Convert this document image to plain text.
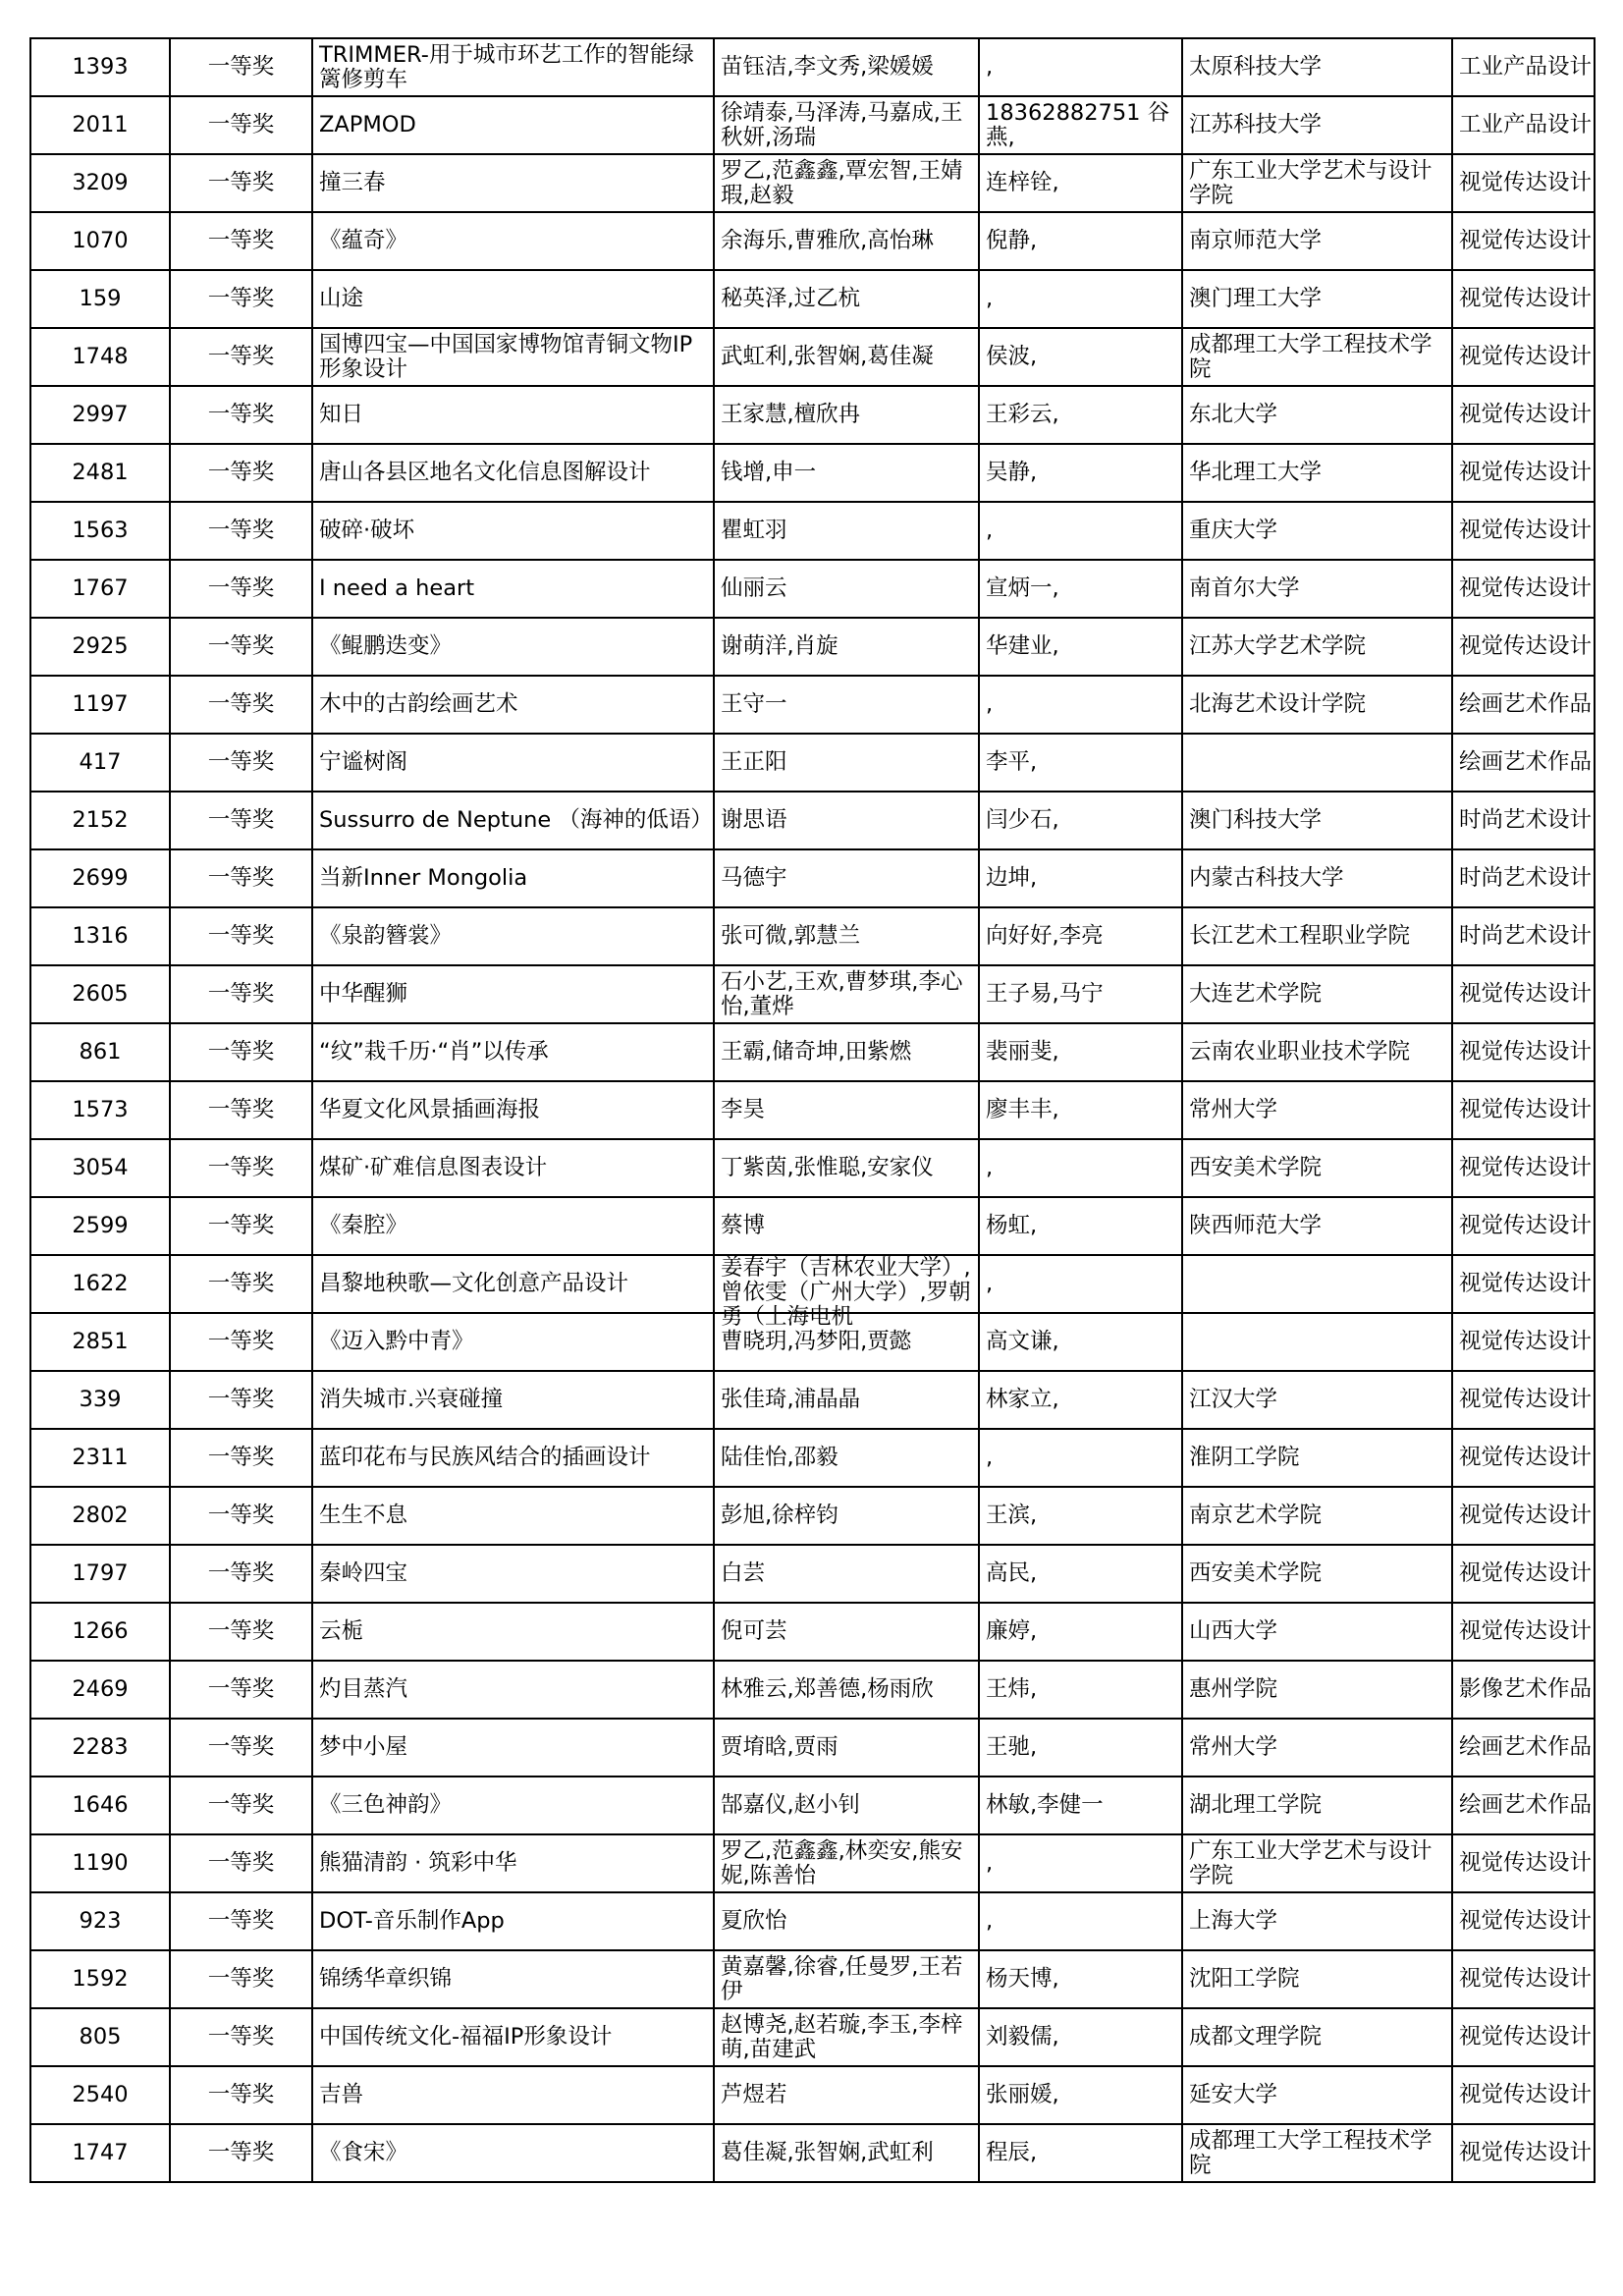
1393	一等奖	TRIMMER-用于城市环艺工作的智能绿篱修剪车	苗钰洁,李文秀,梁媛媛	,	太原科技大学	工业产品设计

2011	一等奖	ZAPMOD	徐靖泰,马泽涛,马嘉成,王秋妍,汤瑞	18362882751 谷燕,	江苏科技大学	工业产品设计

3209	一等奖	撞三春	罗乙,范鑫鑫,覃宏智,王婧瑕,赵毅	连梓铨,	广东工业大学艺术与设计学院	视觉传达设计

1070	一等奖	《蕴奇》	余海乐,曹雅欣,高怡琳	倪静,	南京师范大学	视觉传达设计

159	一等奖	山途	秘英泽,过乙杭	,	澳门理工大学	视觉传达设计

1748	一等奖	国博四宝—中国国家博物馆青铜文物IP形象设计	武虹利,张智娴,葛佳凝	侯波,	成都理工大学工程技术学院	视觉传达设计

2997	一等奖	知日	王家慧,檀欣冉	王彩云,	东北大学	视觉传达设计

2481	一等奖	唐山各县区地名文化信息图解设计	钱增,申一	吴静,	华北理工大学	视觉传达设计

1563	一等奖	破碎·破坏	瞿虹羽	,	重庆大学	视觉传达设计

1767	一等奖	I need a heart	仙丽云	宣炳一,	南首尔大学	视觉传达设计

2925	一等奖	《鲲鹏迭变》	谢萌洋,肖旋	华建业,	江苏大学艺术学院	视觉传达设计

1197	一等奖	木中的古韵绘画艺术	王守一	,	北海艺术设计学院	绘画艺术作品

417	一等奖	宁谧树阁	王正阳	李平,		绘画艺术作品

2152	一等奖	Sussurro de Neptune （海神的低语）	谢思语	闫少石,	澳门科技大学	时尚艺术设计

2699	一等奖	当新Inner Mongolia	马德宇	边坤,	内蒙古科技大学	时尚艺术设计

1316	一等奖	《泉韵簪裳》	张可微,郭慧兰	向好好,李亮	长江艺术工程职业学院	时尚艺术设计

2605	一等奖	中华醒狮	石小艺,王欢,曹梦琪,李心怡,董烨	王子易,马宁	大连艺术学院	视觉传达设计

861	一等奖	“纹”栽千历·“肖”以传承	王霸,储奇坤,田紫燃	裴丽斐,	云南农业职业技术学院	视觉传达设计

1573	一等奖	华夏文化风景插画海报	李昊	廖丰丰,	常州大学	视觉传达设计

3054	一等奖	煤矿·矿难信息图表设计	丁紫茵,张惟聪,安家仪	,	西安美术学院	视觉传达设计

2599	一等奖	《秦腔》	蔡博	杨虹,	陕西师范大学	视觉传达设计

1622	一等奖	昌黎地秧歌—文化创意产品设计	姜春宇（吉林农业大学）,曾依雯（广州大学）,罗朝勇（上海电机	,		视觉传达设计

2851	一等奖	《迈入黔中青》	曹晓玥,冯梦阳,贾懿	高文谦,		视觉传达设计

339	一等奖	消失城市.兴衰碰撞	张佳琦,浦晶晶	林家立,	江汉大学	视觉传达设计

2311	一等奖	蓝印花布与民族风结合的插画设计	陆佳怡,邵毅	,	淮阴工学院	视觉传达设计

2802	一等奖	生生不息	彭旭,徐梓钧	王滨,	南京艺术学院	视觉传达设计

1797	一等奖	秦岭四宝	白芸	高民,	西安美术学院	视觉传达设计

1266	一等奖	云栀	倪可芸	廉婷,	山西大学	视觉传达设计

2469	一等奖	灼目蒸汽	林雅云,郑善德,杨雨欣	王炜,	惠州学院	影像艺术作品

2283	一等奖	梦中小屋	贾堉晗,贾雨	王驰,	常州大学	绘画艺术作品

1646	一等奖	《三色神韵》	郜嘉仪,赵小钊	林敏,李健一	湖北理工学院	绘画艺术作品

1190	一等奖	熊猫清韵 · 筑彩中华	罗乙,范鑫鑫,林奕安,熊安妮,陈善怡	,	广东工业大学艺术与设计学院	视觉传达设计

923	一等奖	DOT-音乐制作App	夏欣怡	,	上海大学	视觉传达设计

1592	一等奖	锦绣华章织锦	黄嘉馨,徐睿,任曼罗,王若伊	杨天博,	沈阳工学院	视觉传达设计

805	一等奖	中国传统文化-福福IP形象设计	赵博尧,赵若璇,李玉,李梓萌,苗建武	刘毅儒,	成都文理学院	视觉传达设计

2540	一等奖	吉兽	芦煜若	张丽媛,	延安大学	视觉传达设计

1747	一等奖	《食宋》	葛佳凝,张智娴,武虹利	程辰,	成都理工大学工程技术学院	视觉传达设计
